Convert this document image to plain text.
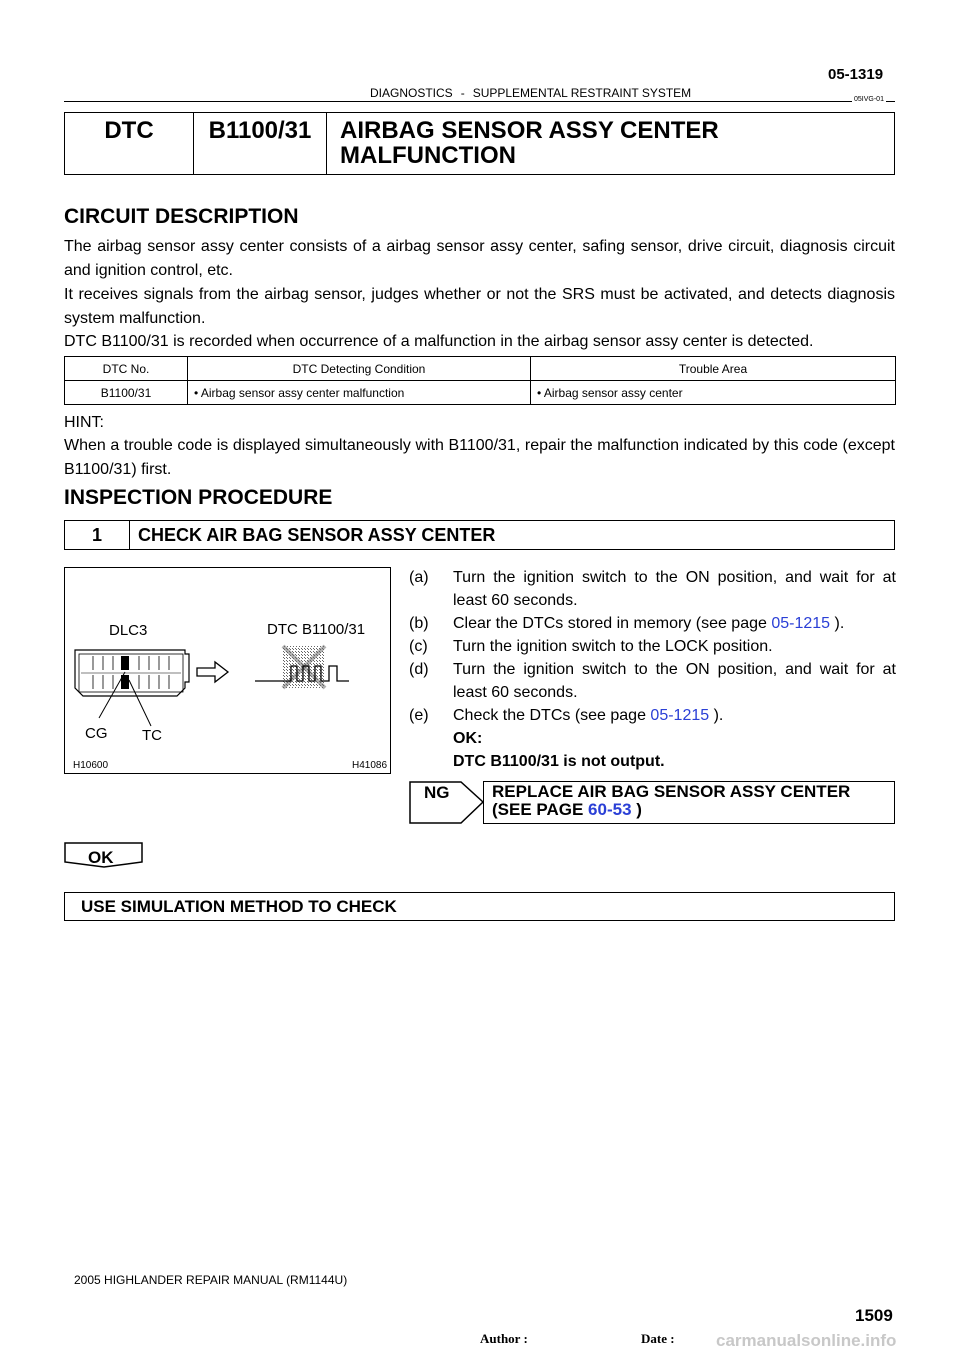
05-1319
DIAGNOSTICS - SUPPLEMENTAL RESTRAINT SYSTEM	05IVG-01
DTC	B1100/31	AIRBAG SENSOR ASSY CENTER
MALFUNCTION
CIRCUIT DESCRIPTION
The airbag sensor assy center consists of a airbag sensor assy center, safing sensor, drive circuit, diagnosis circuit and ignition control, etc.
It receives signals from the airbag sensor, judges whether or not the SRS must be activated, and detects diagnosis system malfunction.
DTC B1100/31 is recorded when occurrence of a malfunction in the airbag sensor assy center is detected.
DTC No.	DTC Detecting Condition	Trouble Area
B1100/31	• Airbag sensor assy center malfunction	• Airbag sensor assy center
HINT:
When a trouble code is displayed simultaneously with B1100/31, repair the malfunction indicated by this code (except B1100/31) first.
INSPECTION PROCEDURE
1	CHECK AIR BAG SENSOR ASSY CENTER
DLC3	DTC B1100/31
CG TC
H10600	H41086
(a)	Turn the ignition switch to the ON position, and wait for at least 60 seconds.
(b)	Clear the DTCs stored in memory (see page 05-1215 ).
(c)	Turn the ignition switch to the LOCK position.
(d)	Turn the ignition switch to the ON position, and wait for at least 60 seconds.
(e)	Check the DTCs (see page 05-1215 ).
OK:
DTC B1100/31 is not output.
NG	REPLACE AIR BAG SENSOR ASSY CENTER
(SEE PAGE 60-53 )
OK
USE SIMULATION METHOD TO CHECK
2005 HIGHLANDER REPAIR MANUAL (RM1144U)
1509
Author :	Date : carmanualsonline.info
